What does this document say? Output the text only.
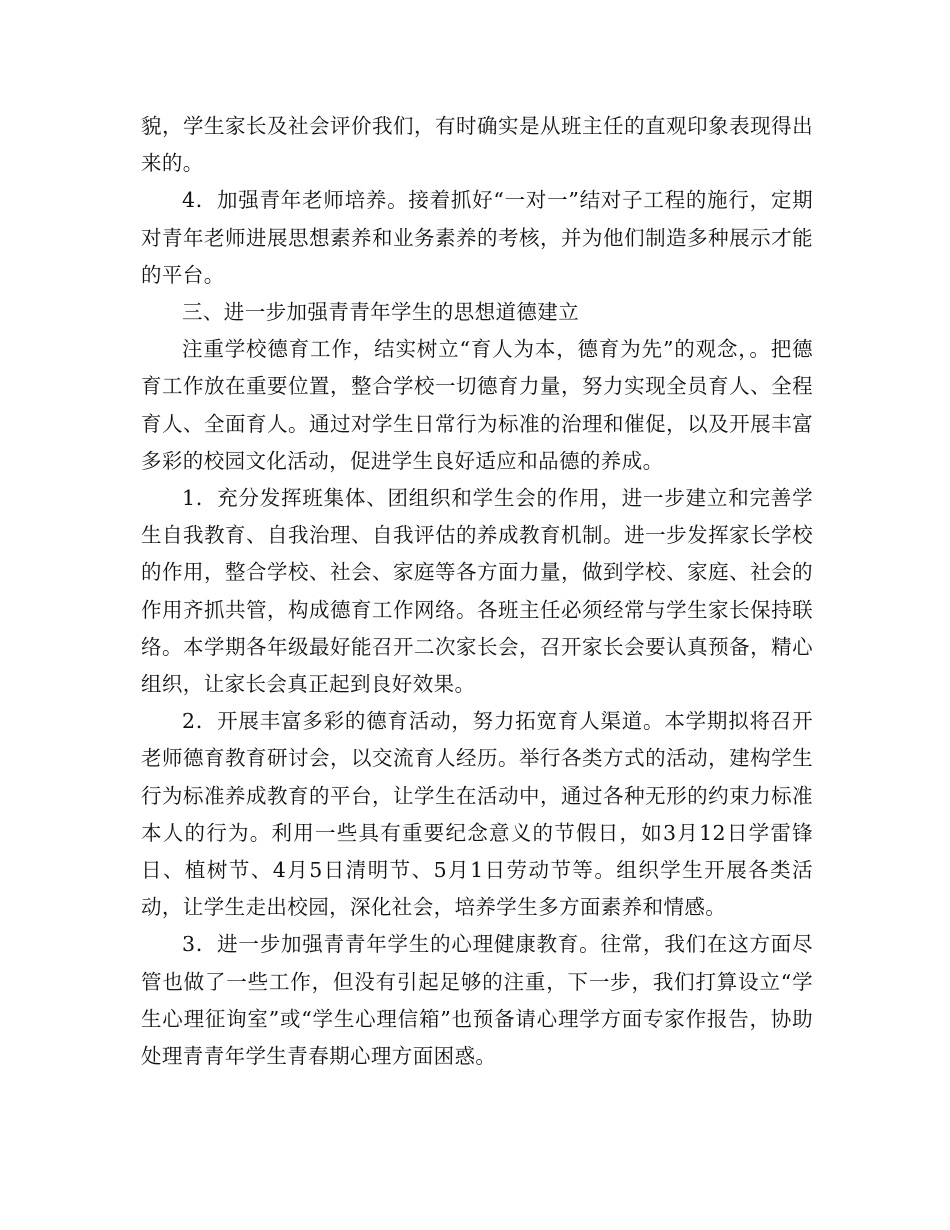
貌，学生家长及社会评价我们，有时确实是从班主任的直观印象表现得出来的。

4．加强青年老师培养。接着抓好“一对一”结对子工程的施行，定期对青年老师进展思想素养和业务素养的考核，并为他们制造多种展示才能的平台。

三、进一步加强青青年学生的思想道德建立

注重学校德育工作，结实树立“育人为本，德育为先”的观念，。把德育工作放在重要位置，整合学校一切德育力量，努力实现全员育人、全程育人、全面育人。通过对学生日常行为标准的治理和催促，以及开展丰富多彩的校园文化活动，促进学生良好适应和品德的养成。

1．充分发挥班集体、团组织和学生会的作用，进一步建立和完善学生自我教育、自我治理、自我评估的养成教育机制。进一步发挥家长学校的作用，整合学校、社会、家庭等各方面力量，做到学校、家庭、社会的作用齐抓共管，构成德育工作网络。各班主任必须经常与学生家长保持联络。本学期各年级最好能召开二次家长会，召开家长会要认真预备，精心组织，让家长会真正起到良好效果。

2．开展丰富多彩的德育活动，努力拓宽育人渠道。本学期拟将召开老师德育教育研讨会，以交流育人经历。举行各类方式的活动，建构学生行为标准养成教育的平台，让学生在活动中，通过各种无形的约束力标准本人的行为。利用一些具有重要纪念意义的节假日，如3月12日学雷锋日、植树节、4月5日清明节、5月1日劳动节等。组织学生开展各类活动，让学生走出校园，深化社会，培养学生多方面素养和情感。

3．进一步加强青青年学生的心理健康教育。往常，我们在这方面尽管也做了一些工作，但没有引起足够的注重，下一步，我们打算设立“学生心理征询室”或“学生心理信箱”也预备请心理学方面专家作报告，协助处理青青年学生青春期心理方面困惑。
